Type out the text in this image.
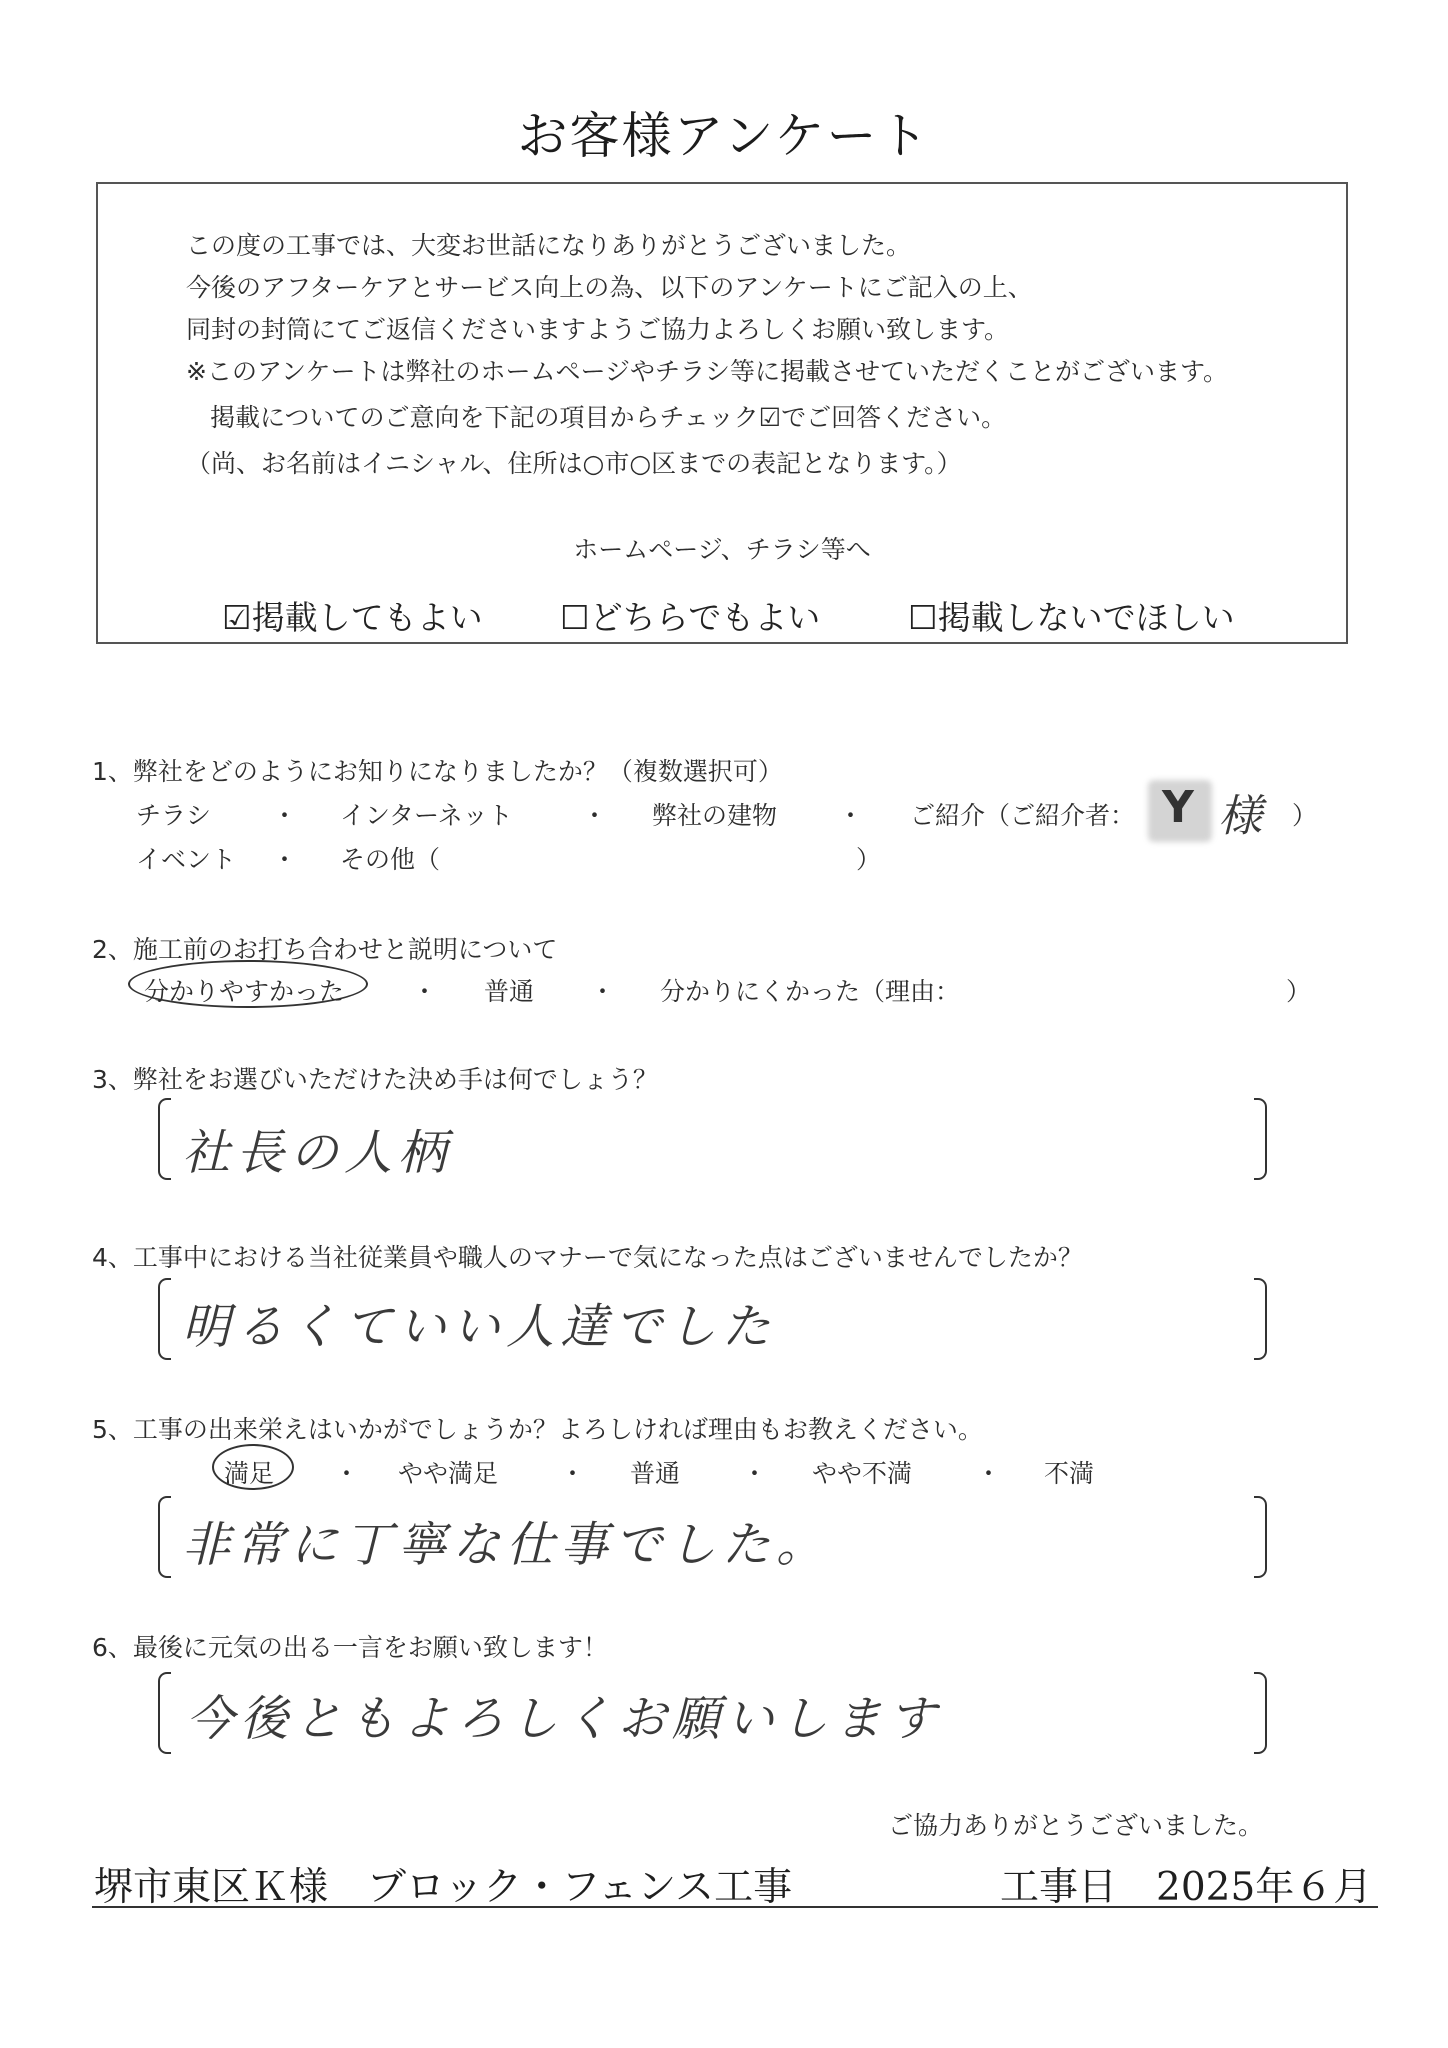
お客様アンケート
この度の工事では、大変お世話になりありがとうございました。
今後のアフターケアとサービス向上の為、以下のアンケートにご記入の上、
同封の封筒にてご返信くださいますようご協力よろしくお願い致します。
※このアンケートは弊社のホームページやチラシ等に掲載させていただくことがございます。
掲載についてのご意向を下記の項目からチェック☑でご回答ください。
（尚、お名前はイニシャル、住所は○市○区までの表記となります。）
ホームページ、チラシ等へ
☑掲載してもよい ☐どちらでもよい	☐掲載しないでほしい
1、弊社をどのようにお知りになりましたか？（複数選択可）
チラシ ・ インターネット	・ 弊社の建物 ・ ご紹介（ご紹介者： Y 様 ）
イベント ・ その他（	）
2、施工前のお打ち合わせと説明について
分かりやすかった	・ 普通 ・ 分かりにくかった（理由：	）
3、弊社をお選びいただけた決め手は何でしょう？
社長の人柄
4、工事中における当社従業員や職人のマナーで気になった点はございませんでしたか？
明るくていい人達でした
5、工事の出来栄えはいかがでしょうか？よろしければ理由もお教えください。
満足 ・ やや満足 ・ 普通 ・ やや不満	・ 不満
非常に丁寧な仕事でした。
6、最後に元気の出る一言をお願い致します！
今後ともよろしくお願いします
ご協力ありがとうございました。
堺市東区Ｋ様　ブロック・フェンス工事	工事日　2025年６月
